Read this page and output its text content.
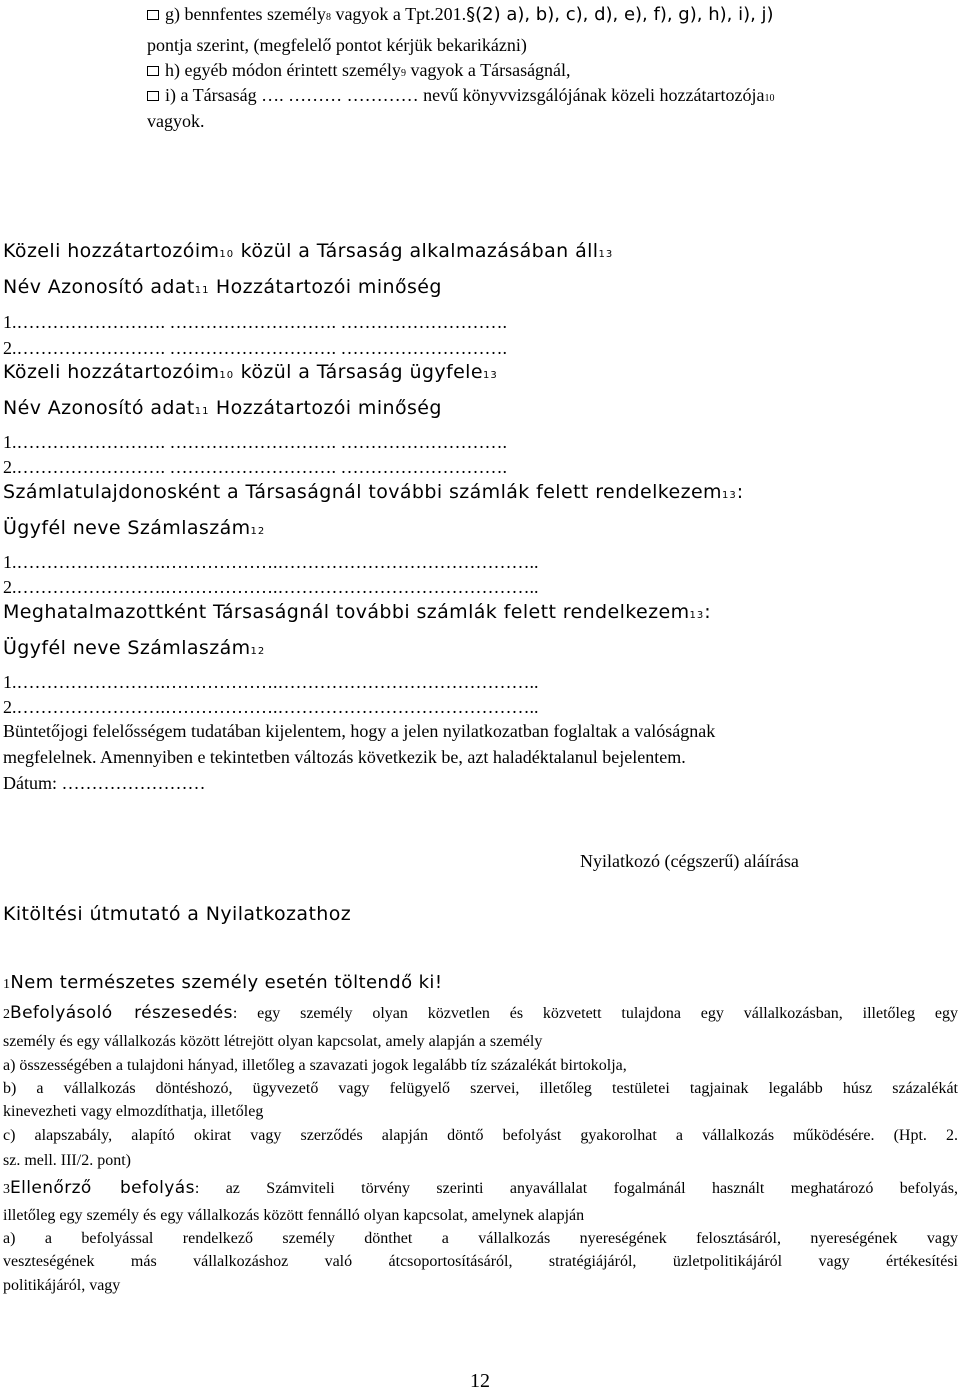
g) bennfentes személy8 vagyok a Tpt.201.§(2) a), b), c), d), e), f), g), h), i), j)
pontja szerint, (megfelelő pontot kérjük bekarikázni)
h) egyéb módon érintett személy9 vagyok a Társaságnál,
i) a Társaság …. ……… ………… nevű könyvvizsgálójának közeli hozzátartozója10
vagyok.
Közeli hozzátartozóim10 közül a Társaság alkalmazásában áll13
Név Azonosító adat11 Hozzátartozói minőség
1.……………………. ………………………. ……………………….
2.……………………. ………………………. ……………………….
Közeli hozzátartozóim10 közül a Társaság ügyfele13
Név Azonosító adat11 Hozzátartozói minőség
1.……………………. ………………………. ……………………….
2.……………………. ………………………. ……………………….
Számlatulajdonosként a Társaságnál további számlák felett rendelkezem13:
Ügyfél neve Számlaszám12
1.…………………….……………….……………………………………..
2.…………………….……………….……………………………………..
Meghatalmazottként Társaságnál további számlák felett rendelkezem13:
Ügyfél neve Számlaszám12
1.…………………….……………….……………………………………..
2.…………………….……………….……………………………………..
Büntetőjogi felelősségem tudatában kijelentem, hogy a jelen nyilatkozatban foglaltak a valóságnak
megfelelnek. Amennyiben e tekintetben változás következik be, azt haladéktalanul bejelentem.
Dátum: ……………………
Nyilatkozó (cégszerű) aláírása
Kitöltési útmutató a Nyilatkozathoz
1Nem természetes személy esetén töltendő ki!
2Befolyásoló részesedés: egy személy olyan közvetlen és közvetett tulajdona egy vállalkozásban, illetőleg egy
személy és egy vállalkozás között létrejött olyan kapcsolat, amely alapján a személy
a) összességében a tulajdoni hányad, illetőleg a szavazati jogok legalább tíz százalékát birtokolja,
b) a vállalkozás döntéshozó, ügyvezető vagy felügyelő szervei, illetőleg testületei tagjainak legalább húsz százalékát
kinevezheti vagy elmozdíthatja, illetőleg
c) alapszabály, alapító okirat vagy szerződés alapján döntő befolyást gyakorolhat a vállalkozás működésére. (Hpt. 2.
sz. mell. III/2. pont)
3Ellenőrző befolyás: az Számviteli törvény szerinti anyavállalat fogalmánál használt meghatározó befolyás,
illetőleg egy személy és egy vállalkozás között fennálló olyan kapcsolat, amelynek alapján
a) a befolyással rendelkező személy dönthet a vállalkozás nyereségének felosztásáról, nyereségének vagy
veszteségének más vállalkozáshoz való átcsoportosításáról, stratégiájáról, üzletpolitikájáról vagy értékesítési
politikájáról, vagy
12
